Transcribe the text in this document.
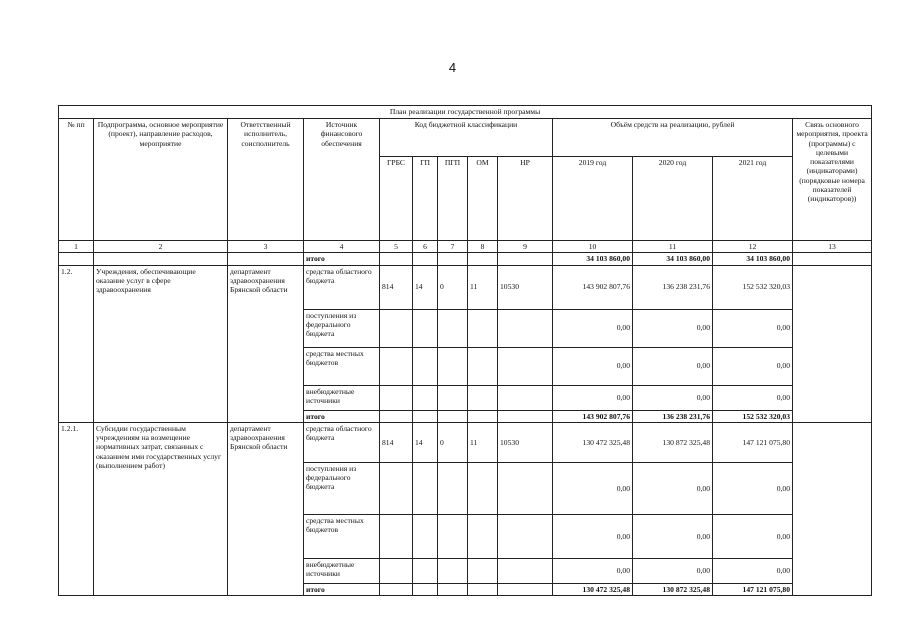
4
План реализации государственной программы												
№ пп	Подпрограмма, основное мероприятие (проект), направление расходов, мероприятие	Ответственный исполнитель, соисполнитель	Источник финансового обеспечения	Код бюджетной классификации					Объём средств на реализацию, рублей			Связь основного мероприятия, проекта (программы) с целевыми показателями (индикаторами) (порядковые номера показателей (индикаторов))
				ГРБС	ГП	ПГП	ОМ	НР	2019 год	2020 год	2021 год	
1	2	3	4	5	6	7	8	9	10	11	12	13
			итого						34 103 860,00	34 103 860,00	34 103 860,00	
1.2.	Учреждения, обеспечивающие оказание услуг в сфере здравоохранения	департамент здравоохранения Брянской области	средства областного бюджета	814	14	0	11	10530	143 902 807,76	136 238 231,76	152 532 320,03	
			поступления из федерального бюджета						0,00	0,00	0,00	
			средства местных бюджетов						0,00	0,00	0,00	
			внебюджетные источники						0,00	0,00	0,00	
			итого						143 902 807,76	136 238 231,76	152 532 320,03	
1.2.1.	Субсидии государственным учреждениям на возмещение нормативных затрат, связанных с оказанием ими государственных услуг (выполнением работ)	департамент здравоохранения Брянской области	средства областного бюджета	814	14	0	11	10530	130 472 325,48	130 872 325,48	147 121 075,80	
			поступления из федерального бюджета						0,00	0,00	0,00	
			средства местных бюджетов						0,00	0,00	0,00	
			внебюджетные источники						0,00	0,00	0,00	
			итого						130 472 325,48	130 872 325,48	147 121 075,80	
